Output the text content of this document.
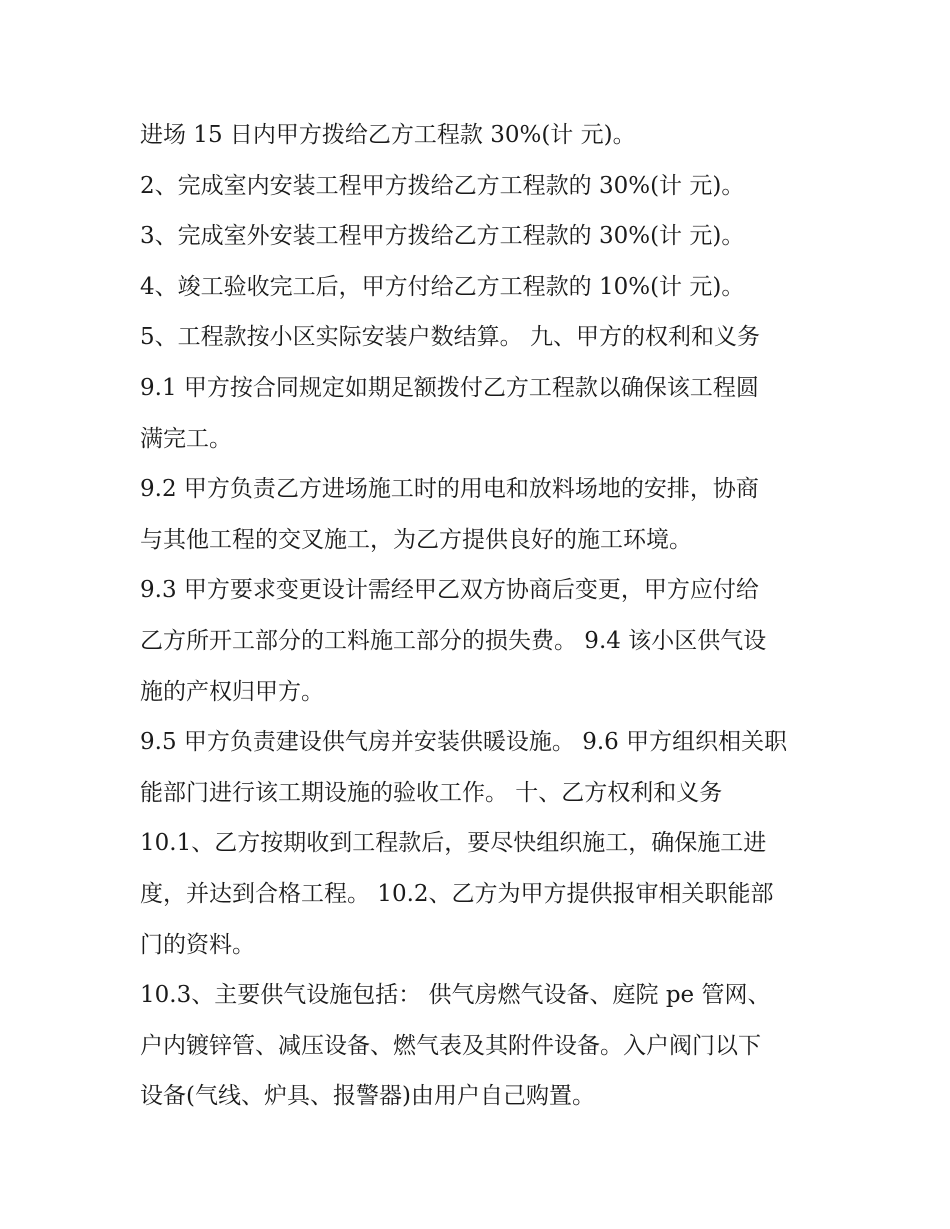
进场 15 日内甲方拨给乙方工程款 30%(计 元)。
2、完成室内安装工程甲方拨给乙方工程款的 30%(计 元)。
3、完成室外安装工程甲方拨给乙方工程款的 30%(计 元)。
4、竣工验收完工后，甲方付给乙方工程款的 10%(计 元)。
5、工程款按小区实际安装户数结算。 九、甲方的权利和义务
9.1 甲方按合同规定如期足额拨付乙方工程款以确保该工程圆
满完工。
9.2 甲方负责乙方进场施工时的用电和放料场地的安排，协商
与其他工程的交叉施工，为乙方提供良好的施工环境。
9.3 甲方要求变更设计需经甲乙双方协商后变更，甲方应付给
乙方所开工部分的工料施工部分的损失费。 9.4 该小区供气设
施的产权归甲方。
9.5 甲方负责建设供气房并安装供暖设施。 9.6 甲方组织相关职
能部门进行该工期设施的验收工作。 十、乙方权利和义务
10.1、乙方按期收到工程款后，要尽快组织施工，确保施工进
度，并达到合格工程。 10.2、乙方为甲方提供报审相关职能部
门的资料。
10.3、主要供气设施包括： 供气房燃气设备、庭院 pe 管网、
户内镀锌管、减压设备、燃气表及其附件设备。入户阀门以下
设备(气线、炉具、报警器)由用户自己购置。
